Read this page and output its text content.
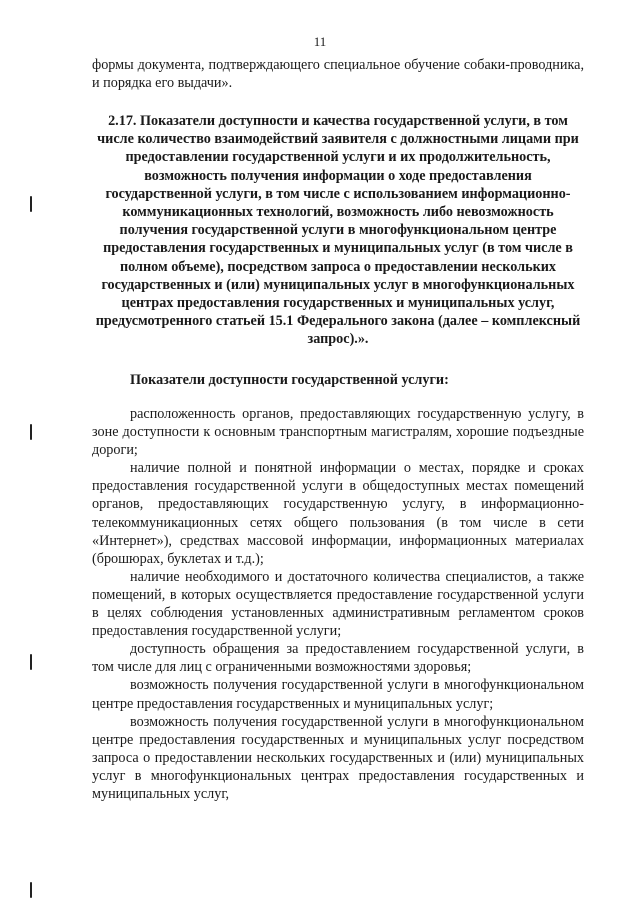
11

формы документа, подтверждающего специальное обучение собаки-проводника, и порядка его выдачи».

2.17. Показатели доступности и качества государственной услуги, в том числе количество взаимодействий заявителя с должностными лицами при предоставлении государственной услуги и их продолжительность, возможность получения информации о ходе предоставления государственной услуги, в том числе с использованием информационно-коммуникационных технологий, возможность либо невозможность получения государственной услуги в многофункциональном центре предоставления государственных и муниципальных услуг (в том числе в полном объеме), посредством запроса о предоставлении нескольких государственных и (или) муниципальных услуг в многофункциональных центрах предоставления государственных и муниципальных услуг, предусмотренного статьей 15.1 Федерального закона (далее – комплексный запрос).».

Показатели доступности государственной услуги:

расположенность органов, предоставляющих государственную услугу, в зоне доступности к основным транспортным магистралям, хорошие подъездные дороги;

наличие полной и понятной информации о местах, порядке и сроках предоставления государственной услуги в общедоступных местах помещений органов, предоставляющих государственную услугу, в информационно-телекоммуникационных сетях общего пользования (в том числе в сети «Интернет»), средствах массовой информации, информационных материалах (брошюрах, буклетах и т.д.);

наличие необходимого и достаточного количества специалистов, а также помещений, в которых осуществляется предоставление государственной услуги в целях соблюдения установленных административным регламентом сроков предоставления государственной услуги;

доступность обращения за предоставлением государственной услуги, в том числе для лиц с ограниченными возможностями здоровья;

возможность получения государственной услуги в многофункциональном центре предоставления государственных и муниципальных услуг;

возможность получения государственной услуги в многофункциональном центре предоставления государственных и муниципальных услуг посредством запроса о предоставлении нескольких государственных и (или) муниципальных услуг в многофункциональных центрах предоставления государственных и муниципальных услуг,
